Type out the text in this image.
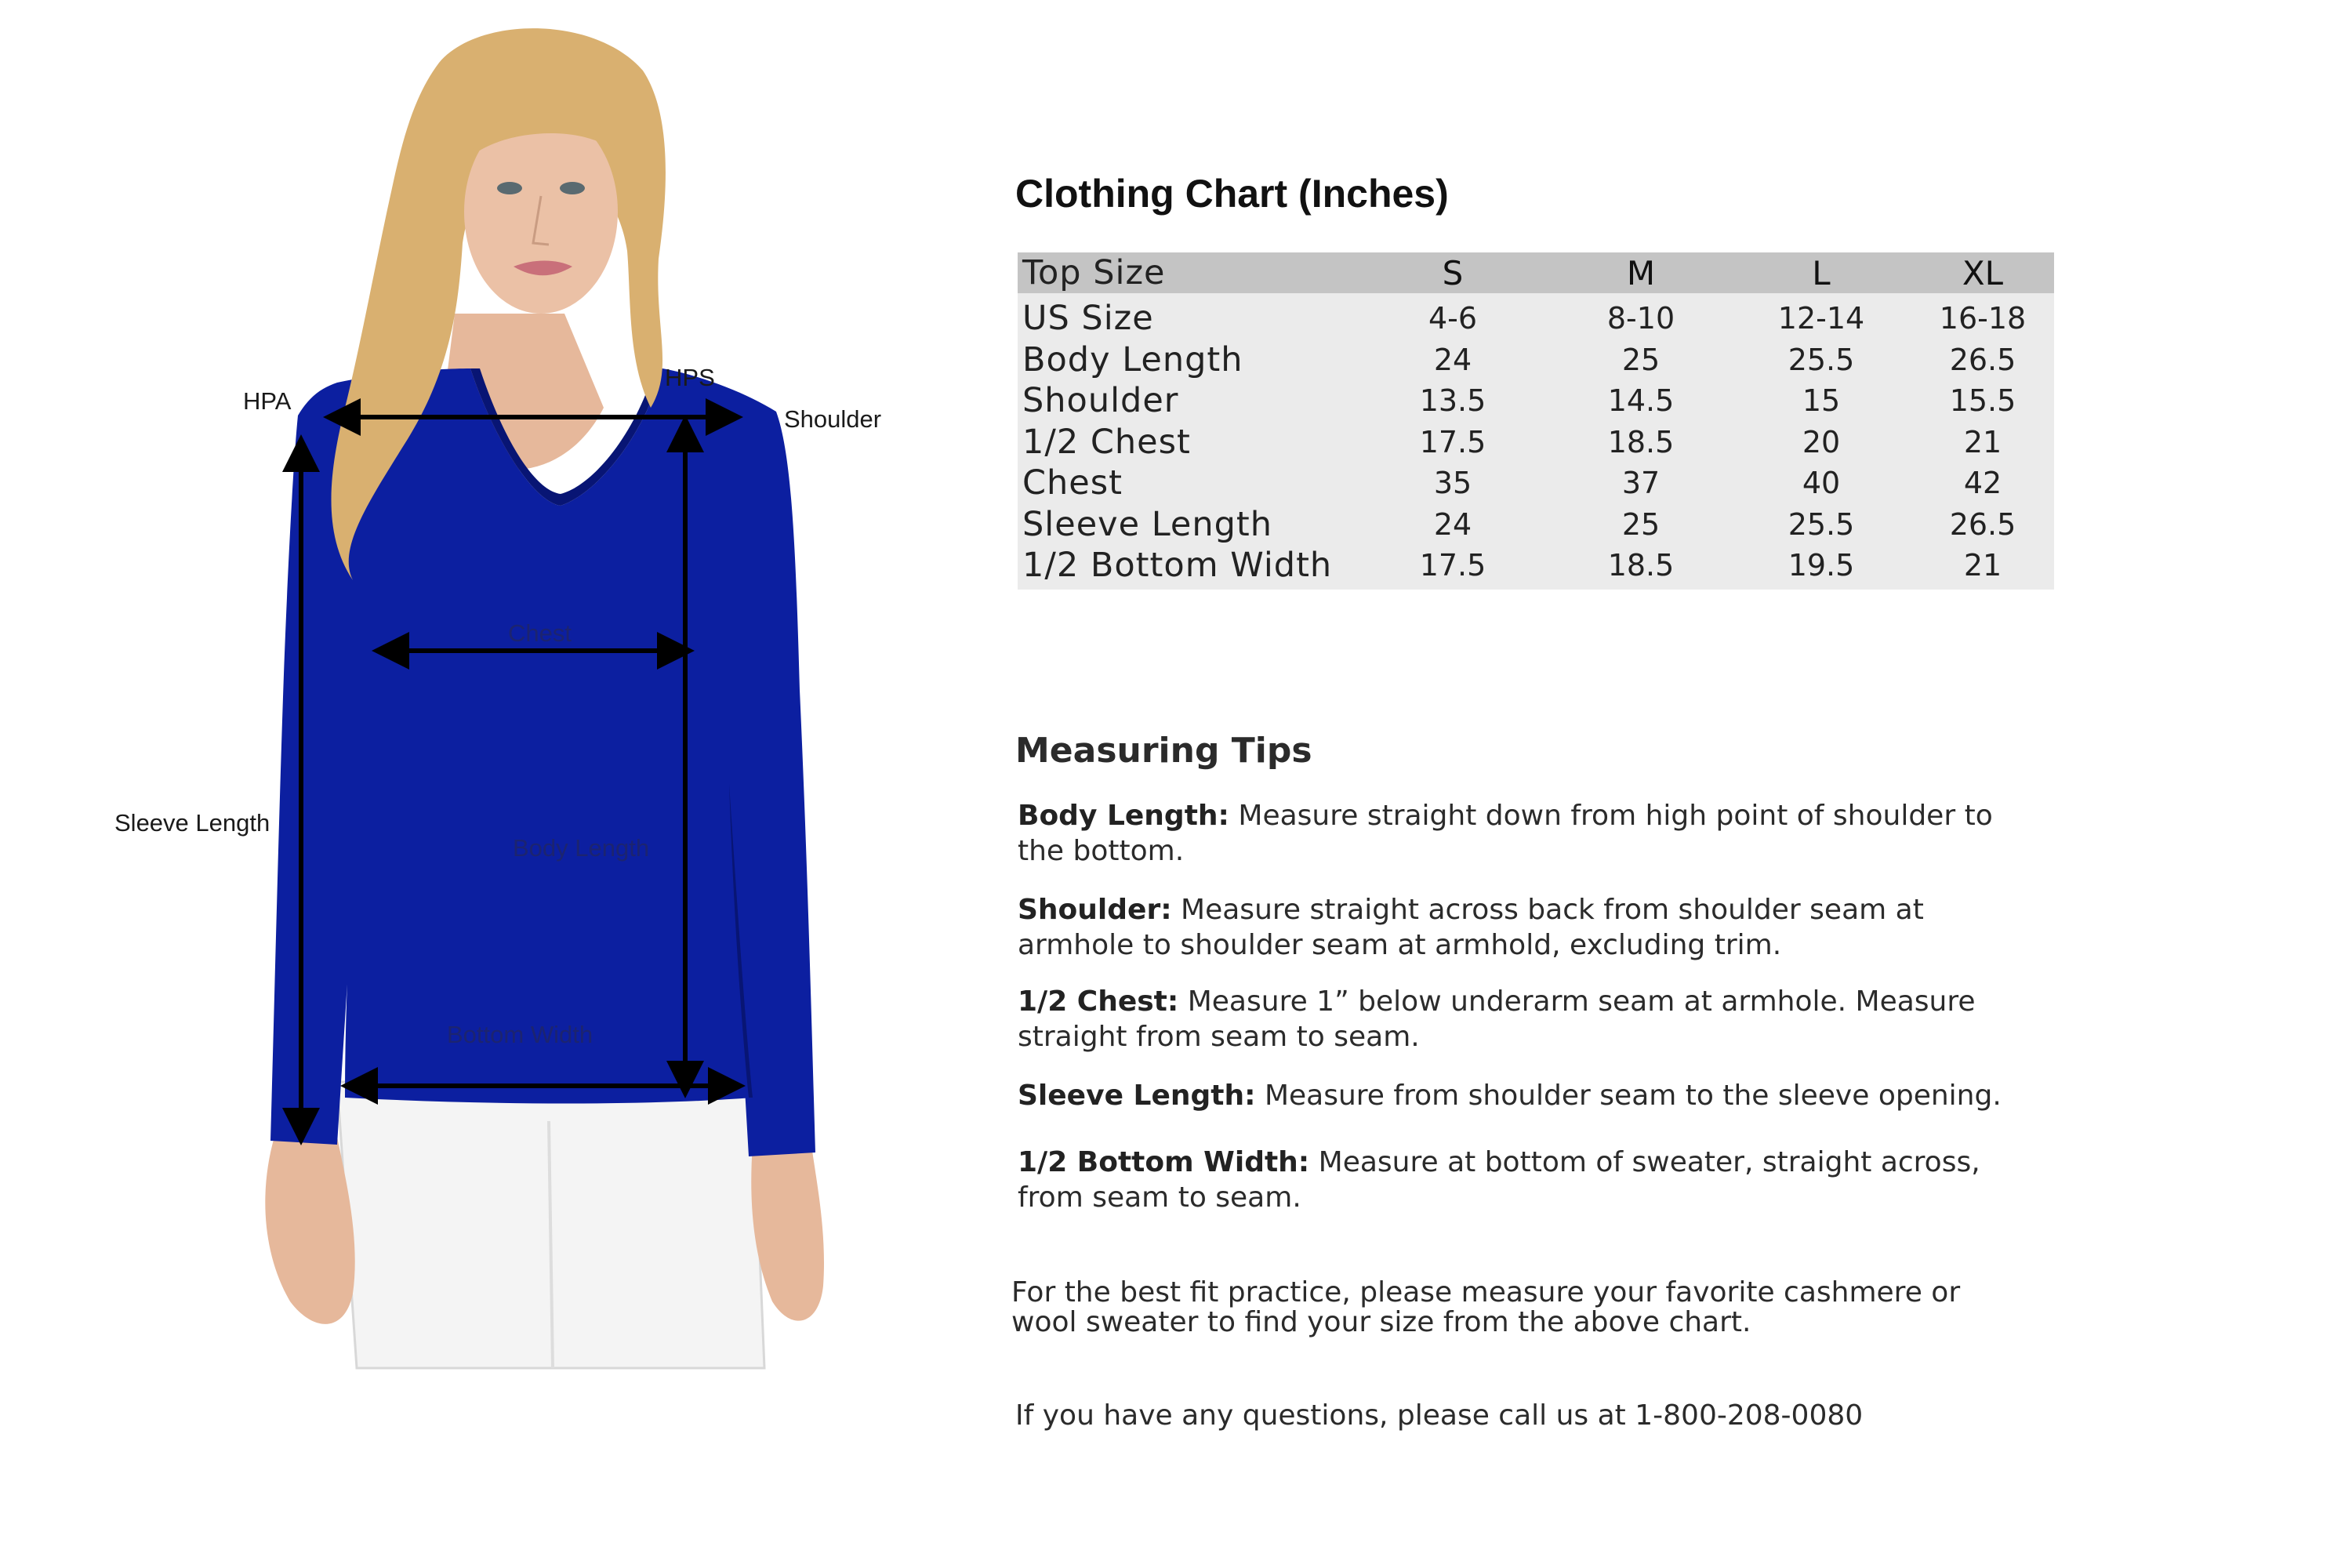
HPA
HPS
Shoulder
Chest
Sleeve Length
Body Length
Bottom Width
Clothing Chart (Inches)
Top Size	S	M	L	XL
US Size	4-6	8-10	12-14	16-18
Body Length	24	25	25.5	26.5
Shoulder	13.5	14.5	15	15.5
1/2 Chest	17.5	18.5	20	21
Chest	35	37	40	42
Sleeve Length	24	25	25.5	26.5
1/2 Bottom Width	17.5	18.5	19.5	21
Measuring Tips

Body Length: Measure straight down from high point of shoulder to the bottom.

Shoulder: Measure straight across back from shoulder seam at armhole to shoulder seam at armhold, excluding trim.

1/2 Chest: Measure 1” below underarm seam at armhole. Measure straight from seam to seam.

Sleeve Length: Measure from shoulder seam to the sleeve opening.

1/2 Bottom Width: Measure at bottom of sweater, straight across, from seam to seam.

For the best fit practice, please measure your favorite cashmere or wool sweater to find your size from the above chart.

If you have any questions, please call us at 1-800-208-0080
